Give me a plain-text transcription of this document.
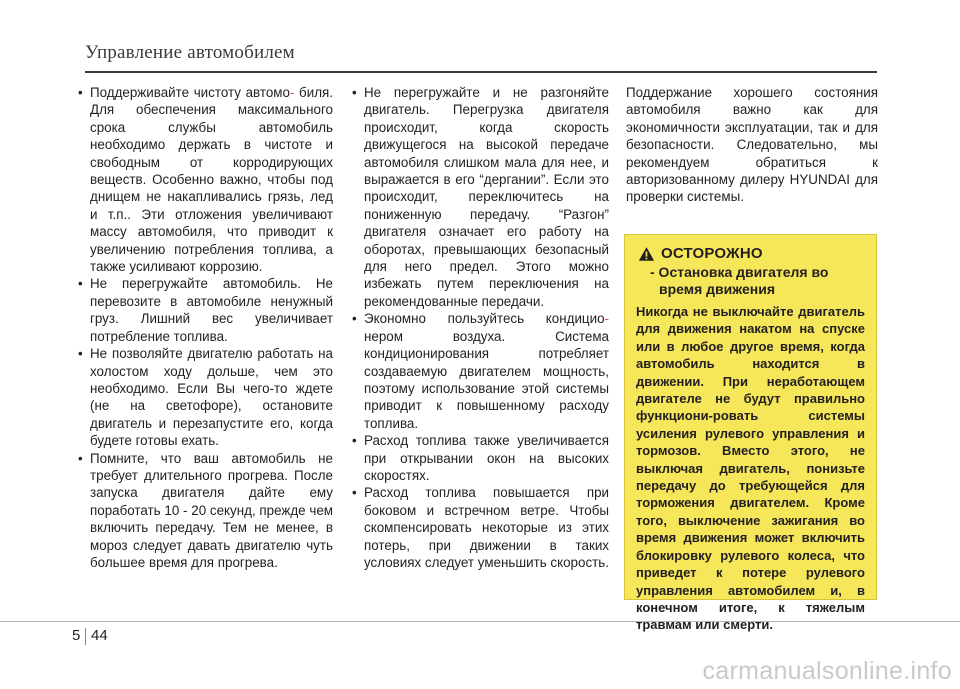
Управление автомобилем
• Поддерживайте чистоту автомо- биля. Для обеспечения максимального срока службы автомобиль необходимо держать в чистоте и свободным от корродирующих веществ. Особенно важно, чтобы под днищем не накапливались грязь, лед и т.п.. Эти отложения увеличивают массу автомобиля, что приводит к увеличению потребления топлива, а также усиливают коррозию.
• Не перегружайте автомобиль. Не перевозите в автомобиле ненужный груз. Лишний вес увеличивает потребление топлива.
• Не позволяйте двигателю работать на холостом ходу дольше, чем это необходимо. Если Вы чего-то ждете (не на светофоре), остановите двигатель и перезапустите его, когда будете готовы ехать.
• Помните, что ваш автомобиль не требует длительного прогрева. После запуска двигателя дайте ему поработать 10 - 20 секунд, прежде чем включить передачу. Тем не менее, в мороз следует давать двигателю чуть большее время для прогрева.
• Не перегружайте и не разгоняйте двигатель. Перегрузка двигателя происходит, когда скорость движущегося на высокой передаче автомобиля слишком мала для нее, и выражается в его “дергании”. Если это происходит, переключитесь на пониженную передачу. “Разгон” двигателя означает его работу на оборотах, превышающих безопасный для него предел. Этого можно избежать путем переключения на рекомендованные передачи.
• Экономно пользуйтесь кондицио- нером воздуха. Система кондиционирования потребляет создаваемую двигателем мощность, поэтому использование этой системы приводит к повышенному расходу топлива.
• Расход топлива также увеличивается при открывании окон на высоких скоростях.
• Расход топлива повышается при боковом и встречном ветре. Чтобы скомпенсировать некоторые из этих потерь, при движении в таких условиях следует уменьшить скорость.
Поддержание хорошего состояния автомобиля важно как для экономичности эксплуатации, так и для безопасности. Следовательно, мы рекомендуем обратиться к авторизованному дилеру HYUNDAI для проверки системы.
ОСТОРОЖНО
- Остановка двигателя во время движения
Никогда не выключайте двигатель для движения накатом на спуске или в любое другое время, когда автомобиль находится в движении. При неработающем двигателе не будут правильно функциони-ровать системы усиления рулевого управления и тормозов. Вместо этого, не выключая двигатель, понизьте передачу до требующейся для торможения двигателем. Кроме того, выключение зажигания во время движения может включить блокировку рулевого колеса, что приведет к потере рулевого управления автомобилем и, в конечном итоге, к тяжелым травмам или смерти.
5 44
carmanualsonline.info
